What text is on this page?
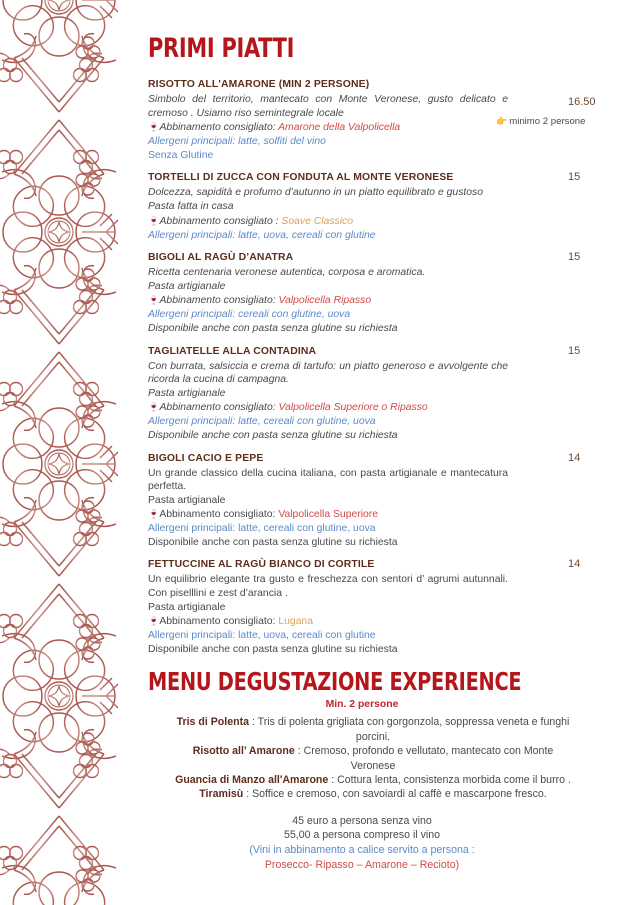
PRIMI PIATTI
RISOTTO ALL'AMARONE (MIN 2 PERSONE)
Simbolo del territorio, mantecato con Monte Veronese, gusto delicato e cremoso . Usiamo riso semintegrale locale
🍷 Abbinamento consigliato: Amarone della Valpolicella
Allergeni principali: latte, solfiti del vino
Senza Glutine
16.50
👉 minimo 2 persone
TORTELLI DI ZUCCA CON FONDUTA AL MONTE VERONESE
Dolcezza, sapidità e profumo d’autunno in un piatto equilibrato e gustoso
Pasta fatta in casa
🍷 Abbinamento consigliato : Soave Classico
Allergeni principali: latte, uova, cereali con glutine
15
BIGOLI AL RAGÙ D’ANATRA
Ricetta centenaria veronese autentica, corposa e aromatica.
Pasta artigianale
🍷 Abbinamento consigliato: Valpolicella Ripasso
Allergeni principali: cereali con glutine, uova
Disponibile anche con pasta senza glutine su richiesta
15
TAGLIATELLE ALLA CONTADINA
Con burrata, salsiccia e crema di tartufo: un piatto generoso e avvolgente che ricorda la cucina di campagna.
Pasta artigianale
🍷 Abbinamento consigliato: Valpolicella Superiore o Ripasso
Allergeni principali: latte, cereali con glutine, uova
Disponibile anche con pasta senza glutine su richiesta
15
BIGOLI CACIO E PEPE
Un grande classico della cucina italiana, con pasta artigianale e mantecatura perfetta.
Pasta artigianale
🍷 Abbinamento consigliato: Valpolicella Superiore
Allergeni principali: latte, cereali con glutine, uova
Disponibile anche con pasta senza glutine su richiesta
14
FETTUCCINE AL RAGÙ BIANCO DI CORTILE
Un equilibrio elegante tra gusto e freschezza con sentori d’ agrumi autunnali. Con piselllini e zest d’arancia .
Pasta artigianale
🍷 Abbinamento consigliato: Lugana
Allergeni principali: latte, uova, cereali con glutine
Disponibile anche con pasta senza glutine su richiesta
14
MENU DEGUSTAZIONE EXPERIENCE
Min. 2 persone
Tris di Polenta : Tris di polenta grigliata con gorgonzola, soppressa veneta e funghi porcini.
Risotto all’ Amarone : Cremoso, profondo e vellutato, mantecato con Monte Veronese
Guancia di Manzo all'Amarone : Cottura lenta, consistenza morbida come il burro .
Tiramisù : Soffice e cremoso, con savoiardi al caffè e mascarpone fresco.
45 euro a persona senza vino
55,00 a persona compreso il vino
(Vini in abbinamento a calice servito a persona :
Prosecco- Ripasso – Amarone – Recioto)
